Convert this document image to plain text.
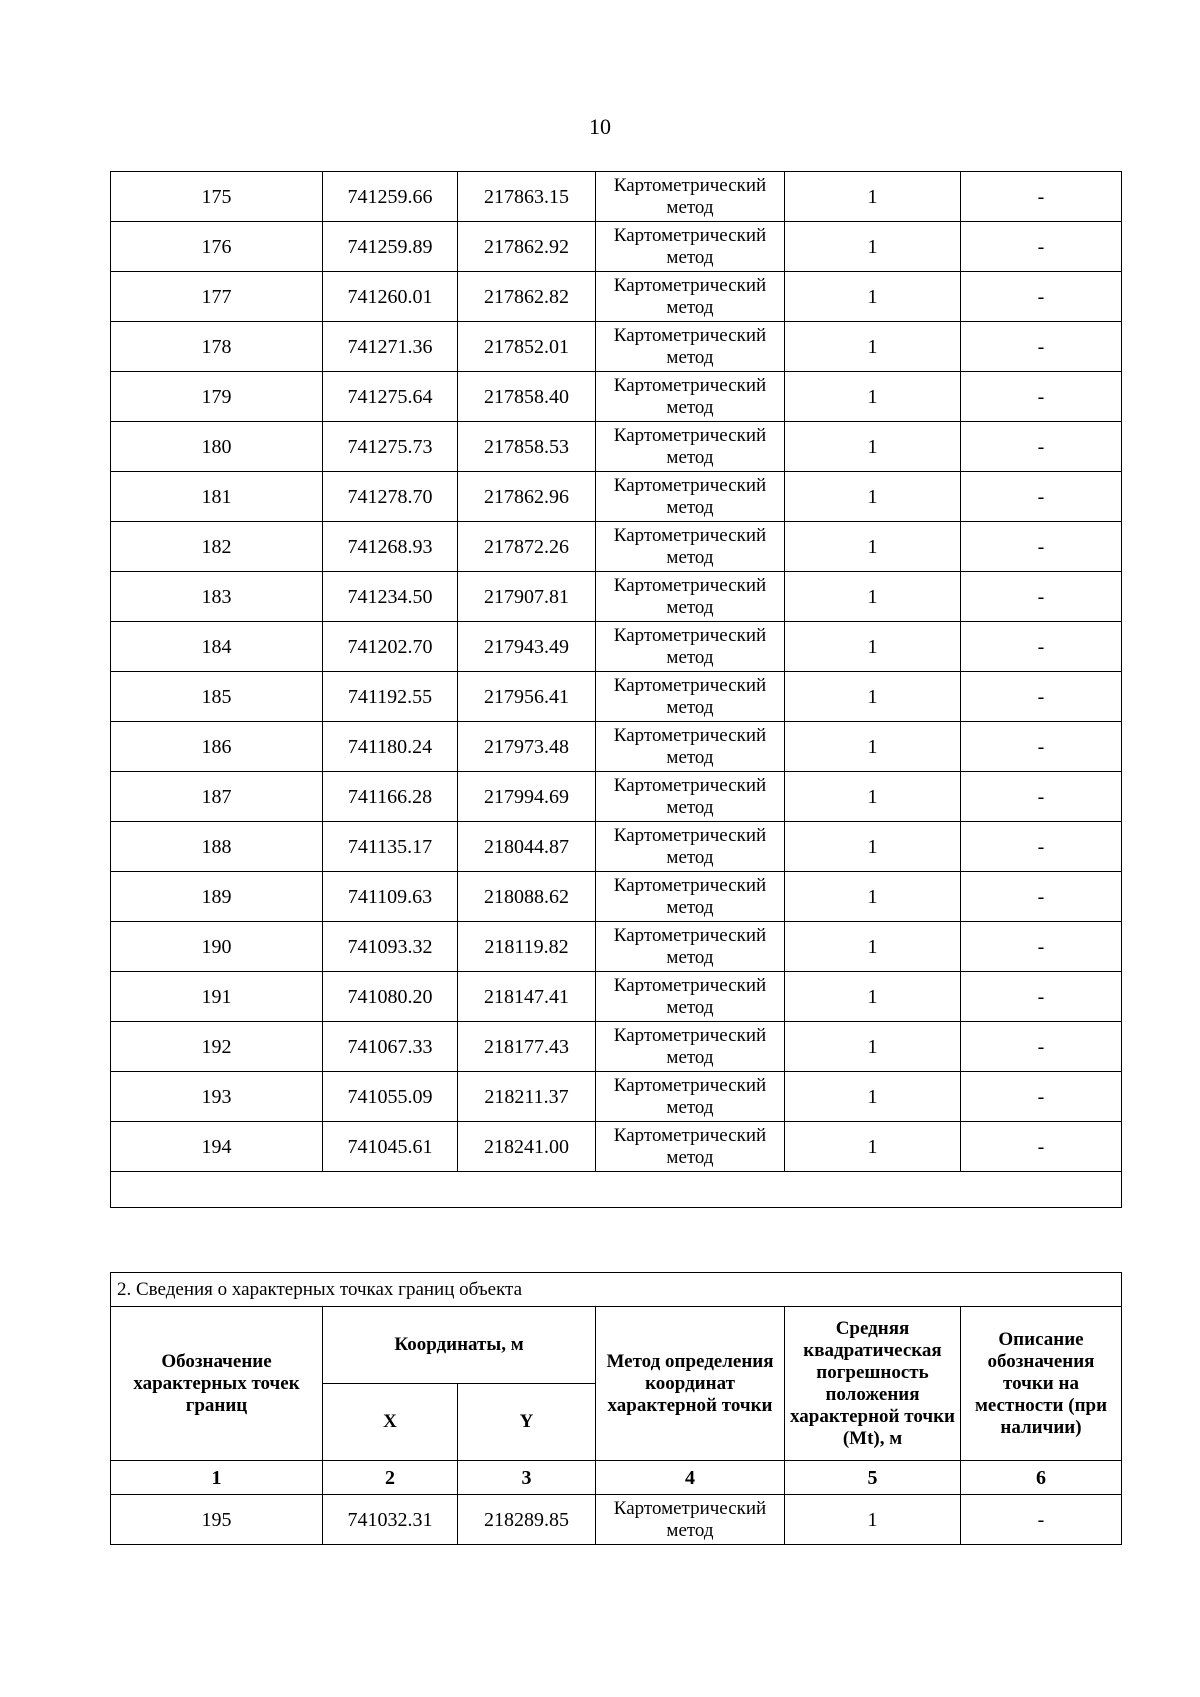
10
175	741259.66	217863.15	Картометрический метод	1	-
176	741259.89	217862.92	Картометрический метод	1	-
177	741260.01	217862.82	Картометрический метод	1	-
178	741271.36	217852.01	Картометрический метод	1	-
179	741275.64	217858.40	Картометрический метод	1	-
180	741275.73	217858.53	Картометрический метод	1	-
181	741278.70	217862.96	Картометрический метод	1	-
182	741268.93	217872.26	Картометрический метод	1	-
183	741234.50	217907.81	Картометрический метод	1	-
184	741202.70	217943.49	Картометрический метод	1	-
185	741192.55	217956.41	Картометрический метод	1	-
186	741180.24	217973.48	Картометрический метод	1	-
187	741166.28	217994.69	Картометрический метод	1	-
188	741135.17	218044.87	Картометрический метод	1	-
189	741109.63	218088.62	Картометрический метод	1	-
190	741093.32	218119.82	Картометрический метод	1	-
191	741080.20	218147.41	Картометрический метод	1	-
192	741067.33	218177.43	Картометрический метод	1	-
193	741055.09	218211.37	Картометрический метод	1	-
194	741045.61	218241.00	Картометрический метод	1	-

2. Сведения о характерных точках границ объекта					
Обозначение характерных точек границ	Координаты, м		Метод определения координат характерной точки	Средняя квадратическая погрешность положения характерной точки (Mt), м	Описание обозначения точки на местности (при наличии)
	X	Y			
1	2	3	4	5	6
195	741032.31	218289.85	Картометрический метод	1	-
